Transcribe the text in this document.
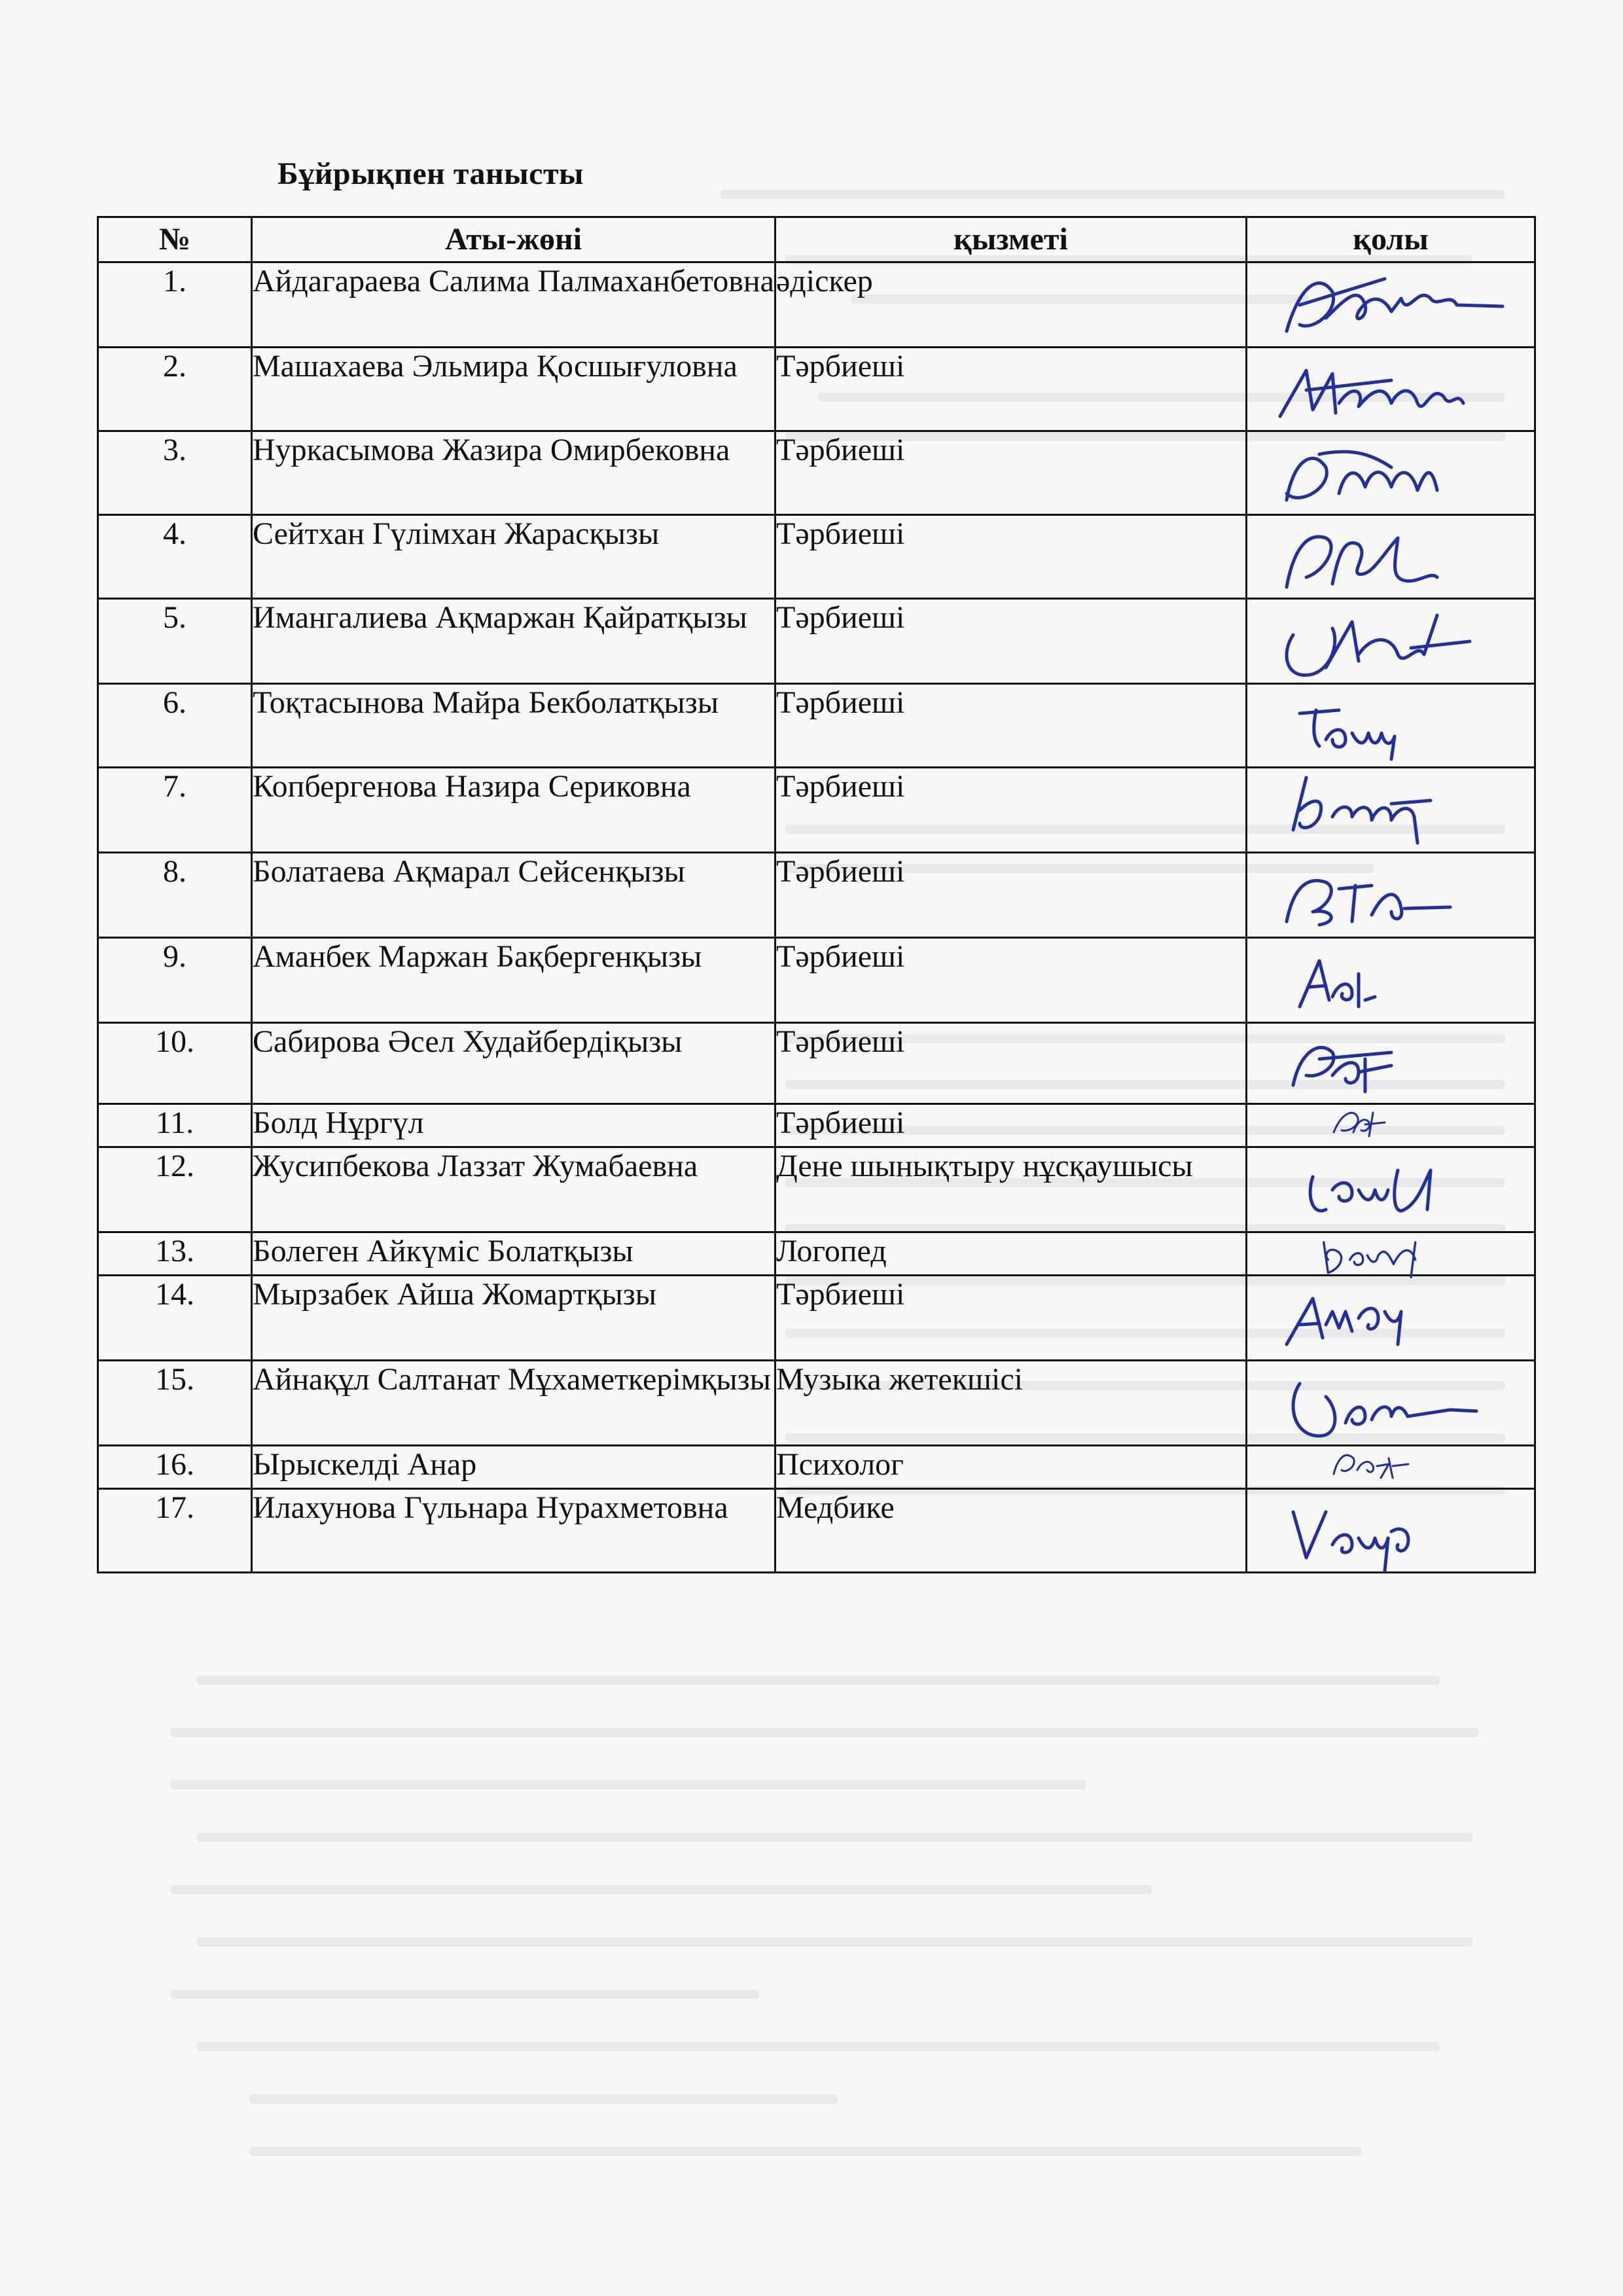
Бұйрықпен танысты
№	Аты-жөні	қызметі	қолы
1.	Айдагараева Салима Палмаханбетовна	әдіскер	

2.	Машахаева Эльмира Қосшығуловна	Тәрбиеші	

3.	Нуркасымова Жазира Омирбековна	Тәрбиеші	

4.	Сейтхан Гүлімхан Жарасқызы	Тәрбиеші	

5.	Имангалиева Ақмаржан Қайратқызы	Тәрбиеші	

6.	Тоқтасынова Майра Бекболатқызы	Тәрбиеші	

7.	Копбергенова Назира Сериковна	Тәрбиеші	

8.	Болатаева Ақмарал Сейсенқызы	Тәрбиеші	

9.	Аманбек Маржан Бақбергенқызы	Тәрбиеші	

10.	Сабирова Әсел Худайбердіқызы	Тәрбиеші	

11.	Болд Нұргүл	Тәрбиеші	

12.	Жусипбекова Лаззат Жумабаевна	Дене шынықтыру нұсқаушысы	

13.	Болеген Айкүміс Болатқызы	Логопед	

14.	Мырзабек Айша Жомартқызы	Тәрбиеші	

15.	Айнақұл Салтанат Мұхаметкерімқызы	Музыка жетекшісі	

16.	Ырыскелді Анар	Психолог	

17.	Илахунова Гүльнара Нурахметовна	Медбике	
